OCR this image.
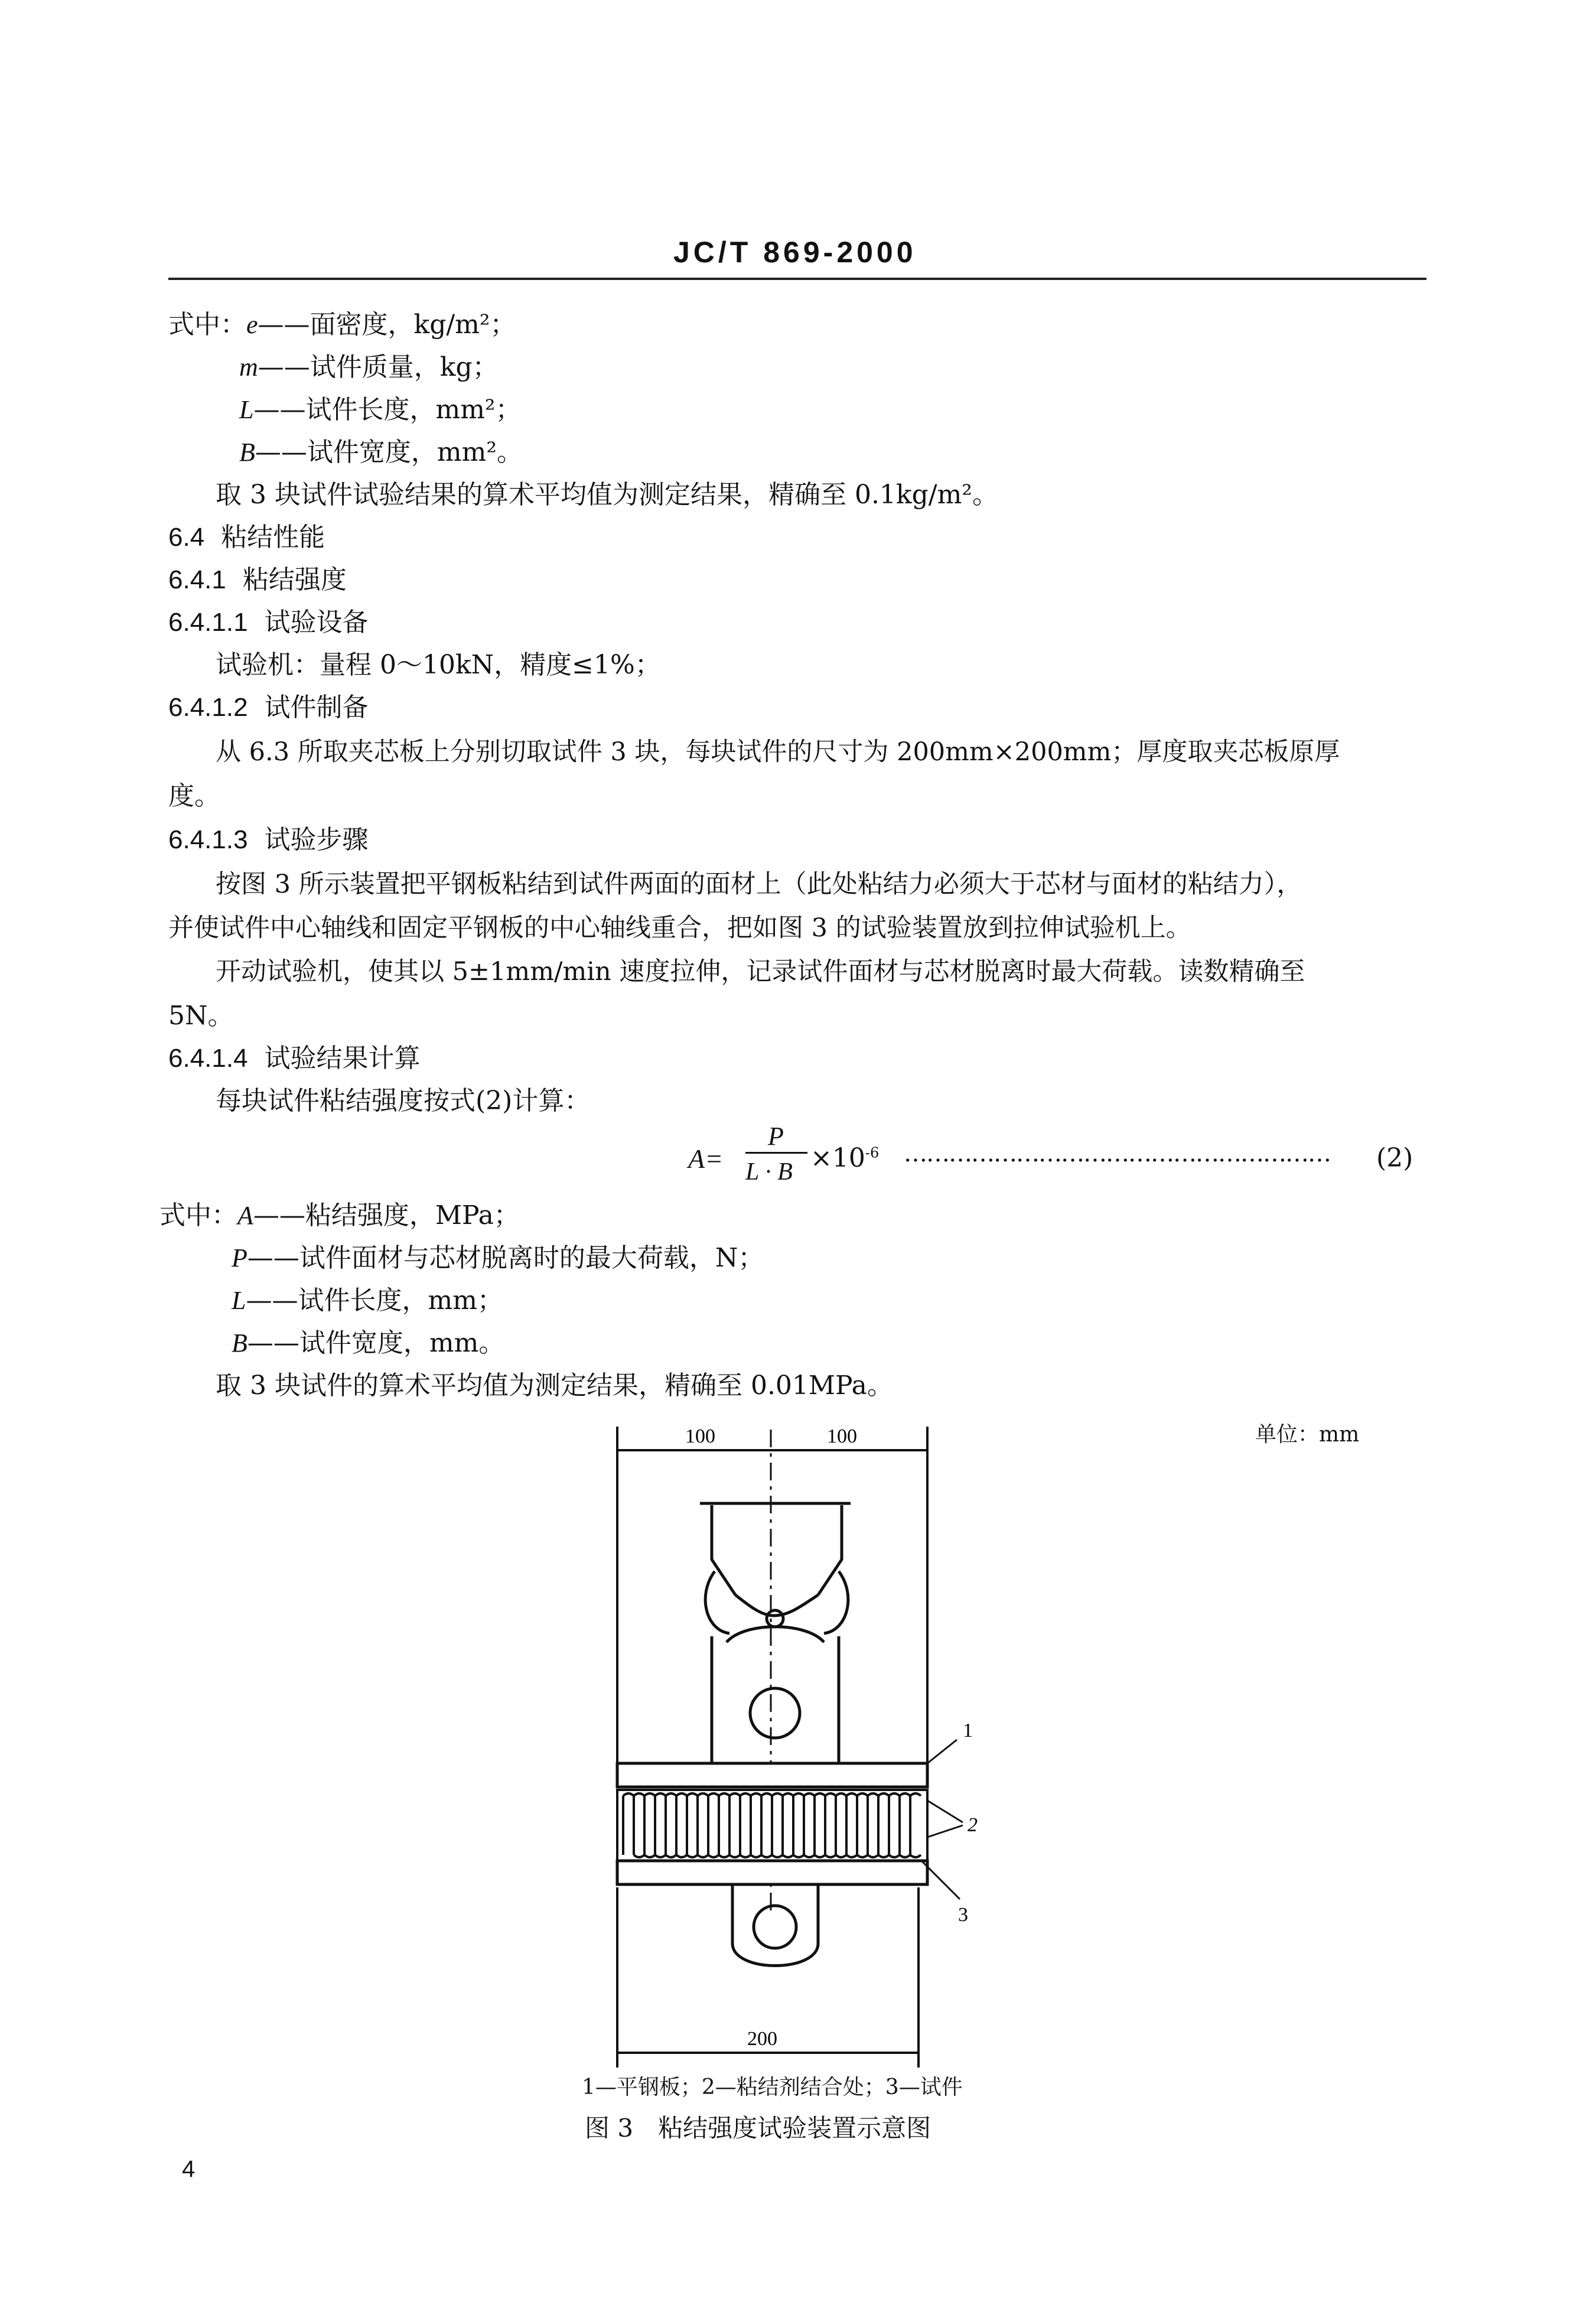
JC/T 869-2000
式中：e——面密度，kg/m²；
m——试件质量，kg；
L——试件长度，mm²；
B——试件宽度，mm²。
取 3 块试件试验结果的算术平均值为测定结果，精确至 0.1kg/m²。
6.4 粘结性能
6.4.1 粘结强度
6.4.1.1 试验设备
试验机：量程 0～10kN，精度≤1%；
6.4.1.2 试件制备
从 6.3 所取夹芯板上分别切取试件 3 块，每块试件的尺寸为 200mm×200mm；厚度取夹芯板原厚
度。
6.4.1.3 试验步骤
按图 3 所示装置把平钢板粘结到试件两面的面材上（此处粘结力必须大于芯材与面材的粘结力），
并使试件中心轴线和固定平钢板的中心轴线重合，把如图 3 的试验装置放到拉伸试验机上。
开动试验机，使其以 5±1mm/min 速度拉伸，记录试件面材与芯材脱离时最大荷载。读数精确至
5N。
6.4.1.4 试验结果计算
每块试件粘结强度按式(2)计算：
A=
P
$L \cdot B \times 10^{-6}$ ………………………………………………… (2)
式中：A——粘结强度，MPa；
P——试件面材与芯材脱离时的最大荷载，N；
L——试件长度，mm；
B——试件宽度，mm。
取 3 块试件的算术平均值为测定结果，精确至 0.01MPa。
单位：mm
100	100
200
1
2
3
1—平钢板；2—粘结剂结合处；3—试件
图 3　粘结强度试验装置示意图
4
